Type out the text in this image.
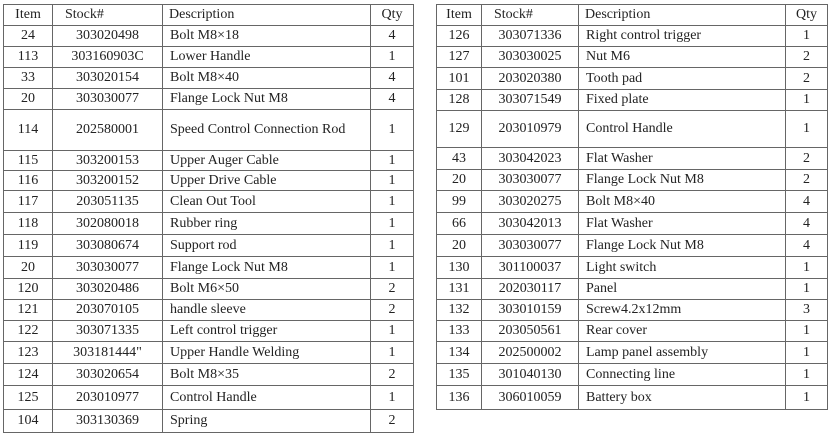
Item	Stock#	Description	Qty
24	303020498	Bolt M8×18	4
113	303160903C	Lower Handle	1
33	303020154	Bolt M8×40	4
20	303030077	Flange Lock Nut M8	4
114	202580001	Speed Control Connection Rod	1
115	303200153	Upper Auger Cable	1
116	303200152	Upper Drive Cable	1
117	203051135	Clean Out Tool	1
118	302080018	Rubber ring	1
119	303080674	Support rod	1
20	303030077	Flange Lock Nut M8	1
120	303020486	Bolt M6×50	2
121	203070105	handle sleeve	2
122	303071335	Left control trigger	1
123	303181444"	Upper Handle Welding	1
124	303020654	Bolt M8×35	2
125	203010977	Control Handle	1
104	303130369	Spring	2
Item	Stock#	Description	Qty
126	303071336	Right control trigger	1
127	303030025	Nut M6	2
101	203020380	Tooth pad	2
128	303071549	Fixed plate	1
129	203010979	Control Handle	1
43	303042023	Flat Washer	2
20	303030077	Flange Lock Nut M8	2
99	303020275	Bolt M8×40	4
66	303042013	Flat Washer	4
20	303030077	Flange Lock Nut M8	4
130	301100037	Light switch	1
131	202030117	Panel	1
132	303010159	Screw4.2x12mm	3
133	203050561	Rear cover	1
134	202500002	Lamp panel assembly	1
135	301040130	Connecting line	1
136	306010059	Battery box	1
